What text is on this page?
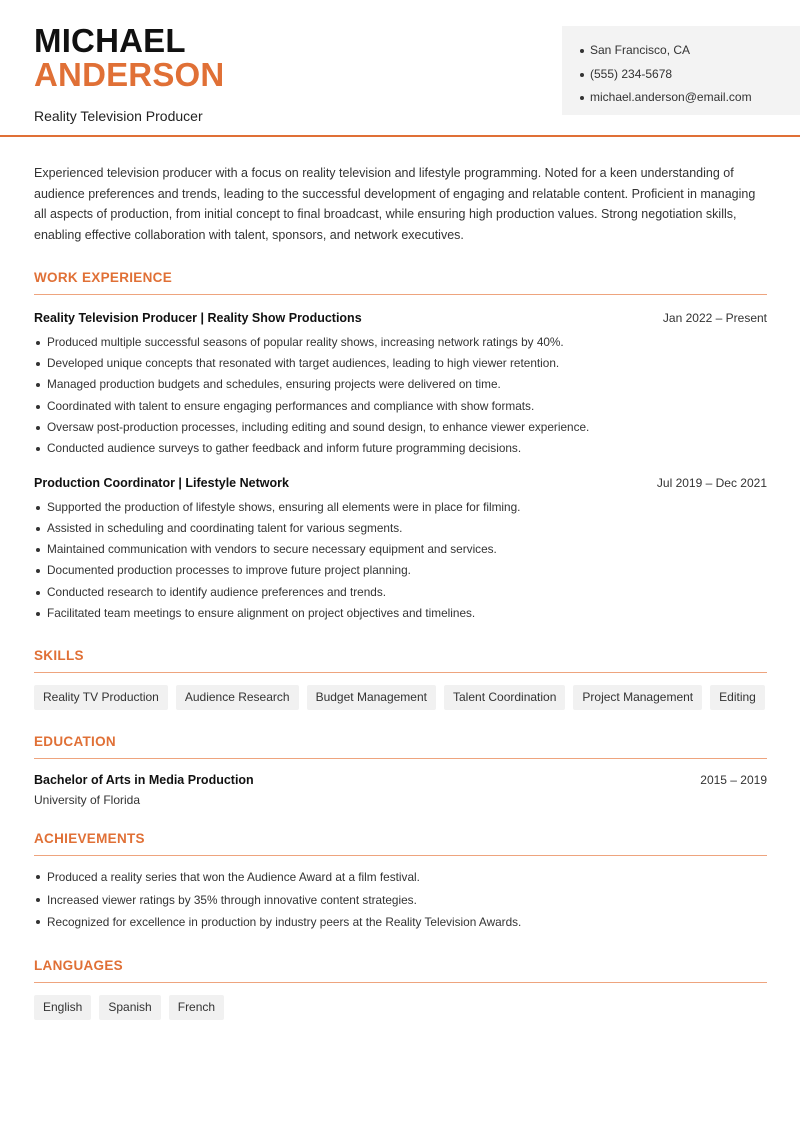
MICHAEL
ANDERSON
Reality Television Producer
San Francisco, CA
(555) 234-5678
michael.anderson@email.com

Experienced television producer with a focus on reality television and lifestyle programming. Noted for a keen understanding of audience preferences and trends, leading to the successful development of engaging and relatable content. Proficient in managing all aspects of production, from initial concept to final broadcast, while ensuring high production values. Strong negotiation skills, enabling effective collaboration with talent, sponsors, and network executives.

WORK EXPERIENCE
Reality Television Producer | Reality Show Productions	Jan 2022 – Present
Produced multiple successful seasons of popular reality shows, increasing network ratings by 40%.
Developed unique concepts that resonated with target audiences, leading to high viewer retention.
Managed production budgets and schedules, ensuring projects were delivered on time.
Coordinated with talent to ensure engaging performances and compliance with show formats.
Oversaw post-production processes, including editing and sound design, to enhance viewer experience.
Conducted audience surveys to gather feedback and inform future programming decisions.
Production Coordinator | Lifestyle Network	Jul 2019 – Dec 2021
Supported the production of lifestyle shows, ensuring all elements were in place for filming.
Assisted in scheduling and coordinating talent for various segments.
Maintained communication with vendors to secure necessary equipment and services.
Documented production processes to improve future project planning.
Conducted research to identify audience preferences and trends.
Facilitated team meetings to ensure alignment on project objectives and timelines.
SKILLS
Reality TV Production	Audience Research	Budget Management	Talent Coordination	Project Management	Editing
EDUCATION
Bachelor of Arts in Media Production	2015 – 2019
University of Florida
ACHIEVEMENTS
Produced a reality series that won the Audience Award at a film festival.
Increased viewer ratings by 35% through innovative content strategies.
Recognized for excellence in production by industry peers at the Reality Television Awards.
LANGUAGES
English	Spanish	French
